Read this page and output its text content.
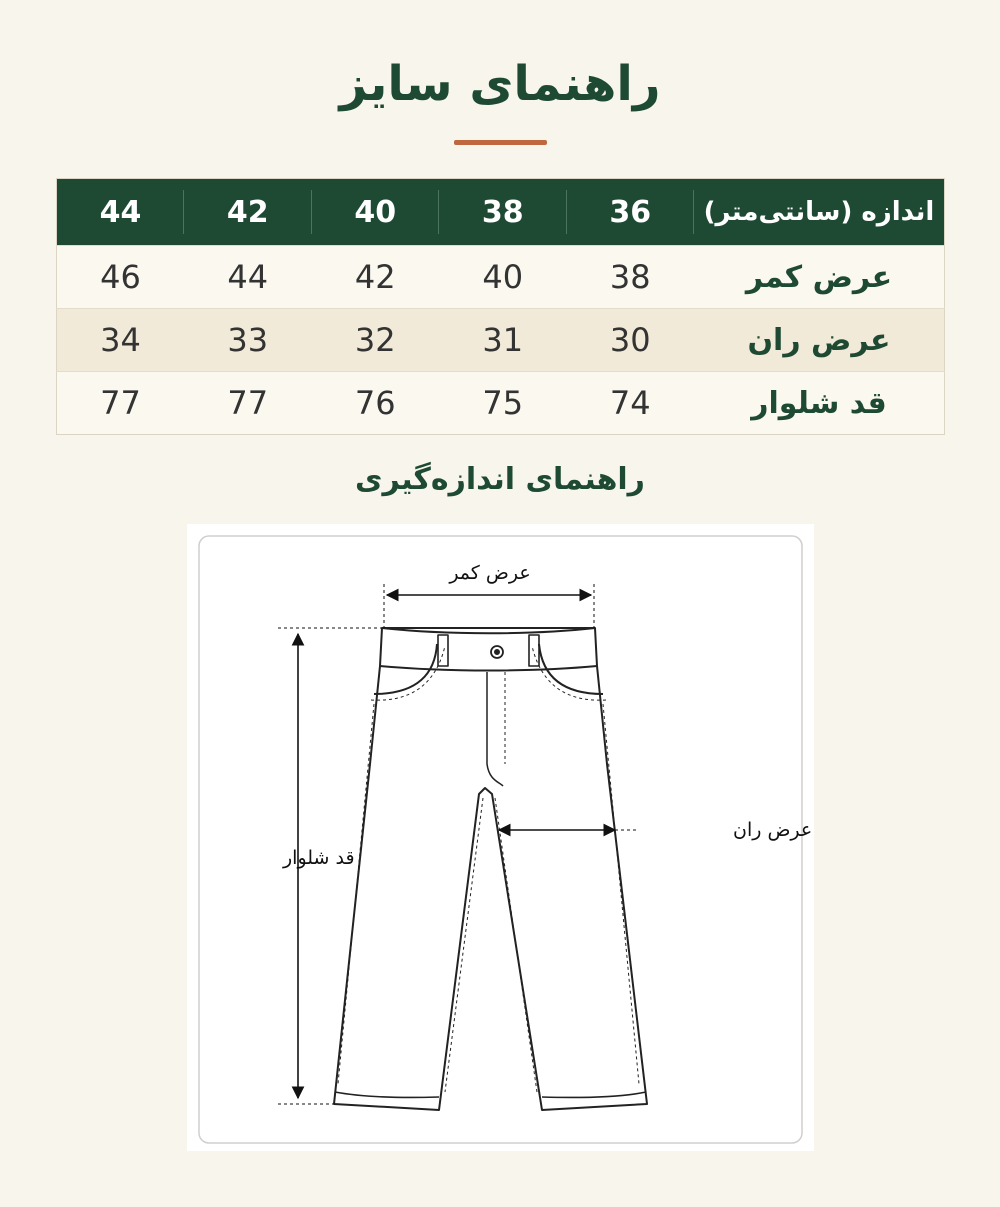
راهنمای سایز
اندازه (سانتی‌متر)	36	38	40	42	44
عرض کمر	38	40	42	44	46
عرض ران	30	31	32	33	34
قد شلوار	74	75	76	77	77
راهنمای اندازه‌گیری
عرض کمر
عرض ران
قد شلوار
